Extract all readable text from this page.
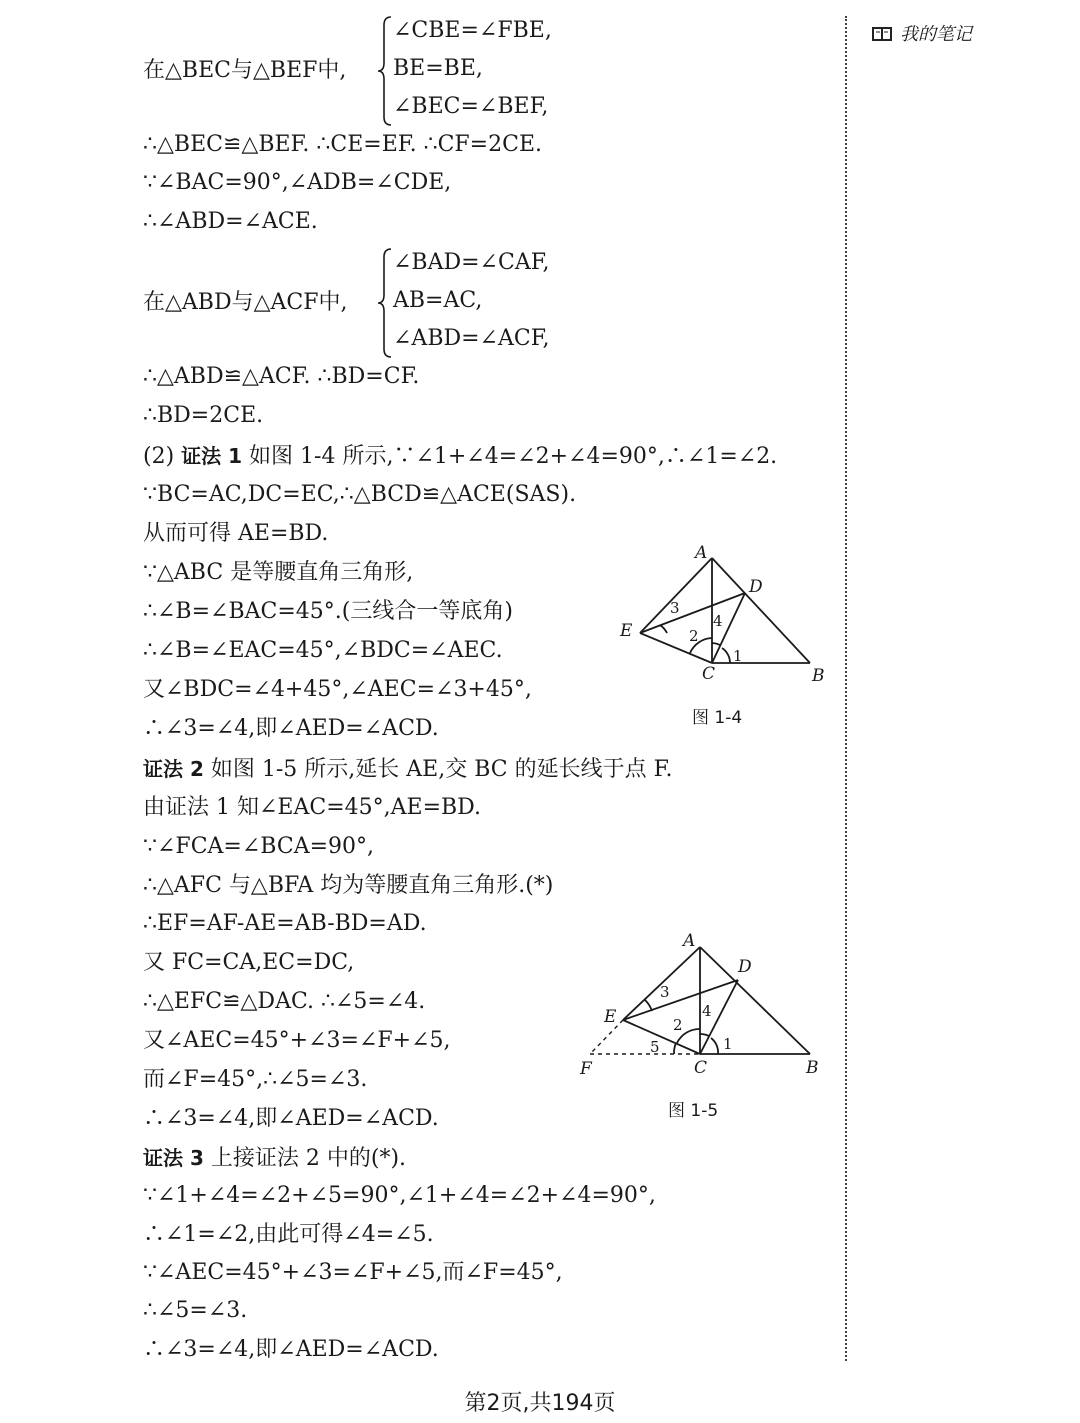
我的笔记
在△BEC与△BEF中,
∠CBE=∠FBE,
BE=BE,
∠BEC=∠BEF,
∴△BEC≌△BEF. ∴CE=EF. ∴CF=2CE.
∵∠BAC=90°,∠ADB=∠CDE,
∴∠ABD=∠ACE.
在△ABD与△ACF中,
∠BAD=∠CAF,
AB=AC,
∠ABD=∠ACF,
∴△ABD≌△ACF. ∴BD=CF.
∴BD=2CE.
(2) 证法 1 如图 1-4 所示,∵∠1+∠4=∠2+∠4=90°,∴∠1=∠2.
∵BC=AC,DC=EC,∴△BCD≌△ACE(SAS).
从而可得 AE=BD.
∵△ABC 是等腰直角三角形,
∴∠B=∠BAC=45°.(三线合一等底角)
∴∠B=∠EAC=45°,∠BDC=∠AEC.
又∠BDC=∠4+45°,∠AEC=∠3+45°,
∴∠3=∠4,即∠AED=∠ACD.
A
B
C
D
E
1
2
3
4
图 1-4
证法 2 如图 1-5 所示,延长 AE,交 BC 的延长线于点 F.
由证法 1 知∠EAC=45°,AE=BD.
∵∠FCA=∠BCA=90°,
∴△AFC 与△BFA 均为等腰直角三角形.(*)
∴EF=AF-AE=AB-BD=AD.
又 FC=CA,EC=DC,
∴△EFC≌△DAC. ∴∠5=∠4.
又∠AEC=45°+∠3=∠F+∠5,
而∠F=45°,∴∠5=∠3.
∴∠3=∠4,即∠AED=∠ACD.
A
B
C
D
E
F
1
2
3
4
5
图 1-5
证法 3 上接证法 2 中的(*).
∵∠1+∠4=∠2+∠5=90°,∠1+∠4=∠2+∠4=90°,
∴∠1=∠2,由此可得∠4=∠5.
∵∠AEC=45°+∠3=∠F+∠5,而∠F=45°,
∴∠5=∠3.
∴∠3=∠4,即∠AED=∠ACD.
第2页,共194页
